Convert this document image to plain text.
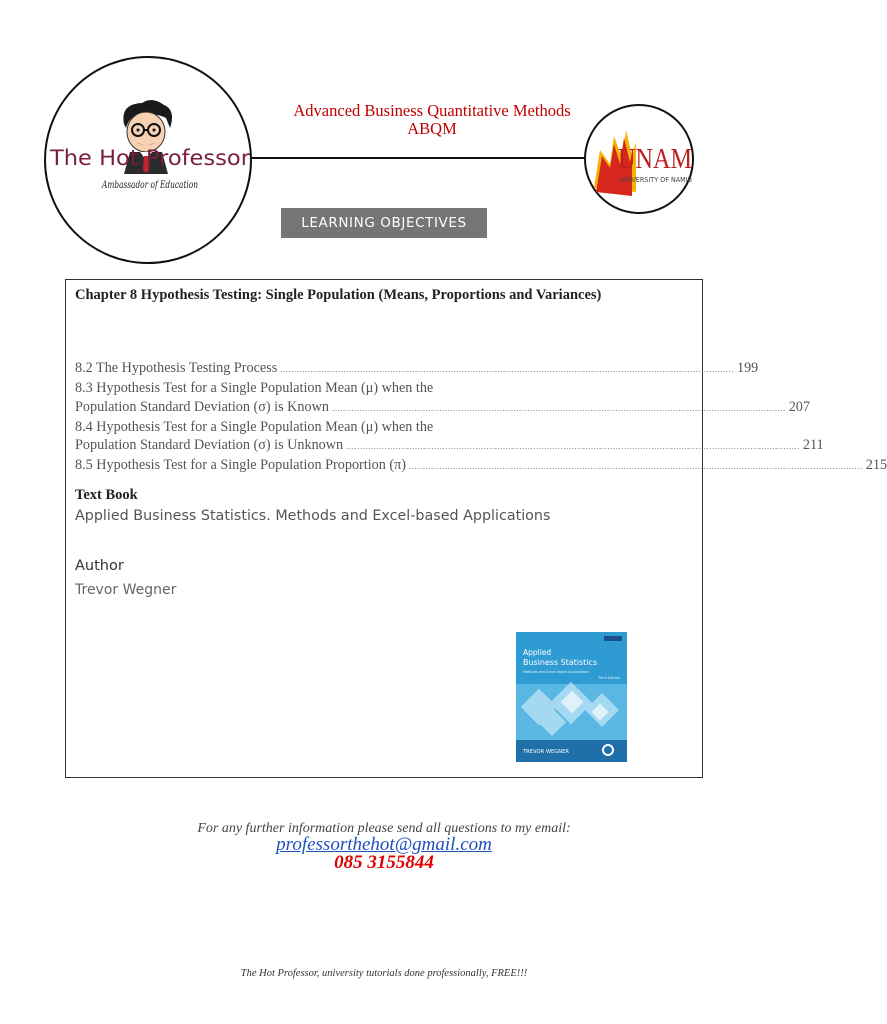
The Hot Professor
Ambassador of Education
Advanced Business Quantitative Methods
ABQM
UNAM
UNIVERSITY OF NAMIB
LEARNING OBJECTIVES
Chapter 8 Hypothesis Testing: Single Population (Means, Proportions and Variances)
8.2 The Hypothesis Testing Process ..................................................................................................................................................................... 199
8.3 Hypothesis Test for a Single Population Mean (μ) when the
Population Standard Deviation (σ) is Known ..................................................................................................................................................................... 207
8.4 Hypothesis Test for a Single Population Mean (μ) when the
Population Standard Deviation (σ) is Unknown ..................................................................................................................................................................... 211
8.5 Hypothesis Test for a Single Population Proportion (π) ..................................................................................................................................................................... 215
Text Book
Applied Business Statistics. Methods and Excel-based Applications
Author
Trevor Wegner
Applied
Business Statistics
Methods and Excel-based Applications
Third Edition
TREVOR WEGNER
For any further information please send all questions to my email:
professorthehot@gmail.com
085 3155844
The Hot Professor, university tutorials done professionally, FREE!!!
